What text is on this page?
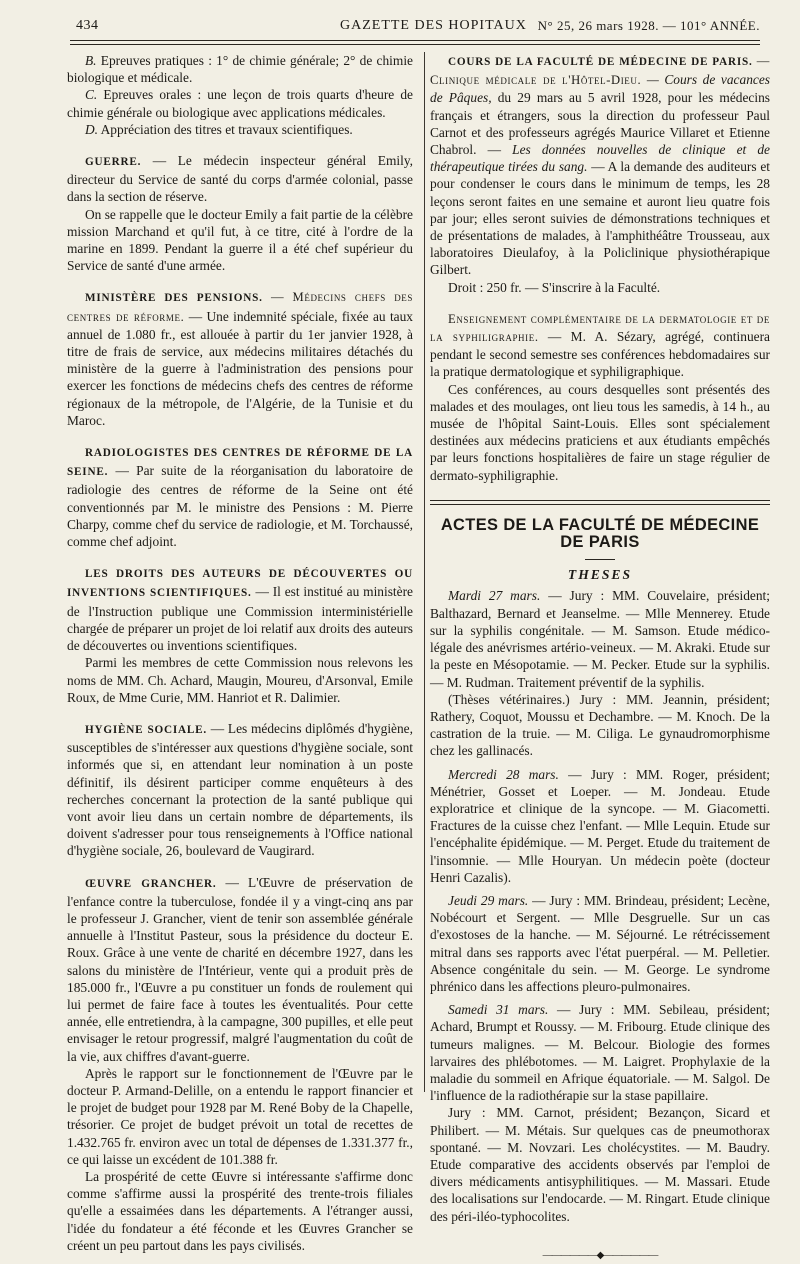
434	GAZETTE DES HOPITAUX N° 25, 26 mars 1928. — 101° ANNÉE.

B. Epreuves pratiques : 1° de chimie générale; 2° de chimie biologique et médicale.

C. Epreuves orales : une leçon de trois quarts d'heure de chimie générale ou biologique avec applications médicales.

D. Appréciation des titres et travaux scientifiques.

GUERRE. — Le médecin inspecteur général Emily, directeur du Service de santé du corps d'armée colonial, passe dans la section de réserve.

On se rappelle que le docteur Emily a fait partie de la célèbre mission Marchand et qu'il fut, à ce titre, cité à l'ordre de la marine en 1899. Pendant la guerre il a été chef supérieur du Service de santé d'une armée.

MINISTÈRE DES PENSIONS. — Médecins chefs des centres de réforme. — Une indemnité spéciale, fixée au taux annuel de 1.080 fr., est allouée à partir du 1er janvier 1928, à titre de frais de service, aux médecins militaires détachés du ministère de la guerre à l'administration des pensions pour exercer les fonctions de médecins chefs des centres de réforme régionaux de la métropole, de l'Algérie, de la Tunisie et du Maroc.

RADIOLOGISTES DES CENTRES DE RÉFORME DE LA SEINE. — Par suite de la réorganisation du laboratoire de radiologie des centres de réforme de la Seine ont été conventionnés par M. le ministre des Pensions : M. Pierre Charpy, comme chef du service de radiologie, et M. Torchaussé, comme chef adjoint.

LES DROITS DES AUTEURS DE DÉCOUVERTES OU INVENTIONS SCIENTIFIQUES. — Il est institué au ministère de l'Instruction publique une Commission interministérielle chargée de préparer un projet de loi relatif aux droits des auteurs de découvertes ou inventions scientifiques.

Parmi les membres de cette Commission nous relevons les noms de MM. Ch. Achard, Maugin, Moureu, d'Arsonval, Emile Roux, de Mme Curie, MM. Hanriot et R. Dalimier.

HYGIÈNE SOCIALE. — Les médecins diplômés d'hygiène, susceptibles de s'intéresser aux questions d'hygiène sociale, sont informés que si, en attendant leur nomination à un poste définitif, ils désirent participer comme enquêteurs à des recherches concernant la protection de la santé publique qui vont avoir lieu dans un certain nombre de départements, ils doivent s'adresser pour tous renseignements à l'Office national d'hygiène sociale, 26, boulevard de Vaugirard.

ŒUVRE GRANCHER. — L'Œuvre de préservation de l'enfance contre la tuberculose, fondée il y a vingt-cinq ans par le professeur J. Grancher, vient de tenir son assemblée générale annuelle à l'Institut Pasteur, sous la présidence du docteur E. Roux. Grâce à une vente de charité en décembre 1927, dans les salons du ministère de l'Intérieur, vente qui a produit près de 185.000 fr., l'Œuvre a pu constituer un fonds de roulement qui lui permet de faire face à toutes les éventualités. Pour cette année, elle entretiendra, à la campagne, 300 pupilles, et elle peut envisager le retour progressif, malgré l'augmentation du coût de la vie, aux chiffres d'avant-guerre.

Après le rapport sur le fonctionnement de l'Œuvre par le docteur P. Armand-Delille, on a entendu le rapport financier et le projet de budget pour 1928 par M. René Boby de la Chapelle, trésorier. Ce projet de budget prévoit un total de recettes de 1.432.765 fr. environ avec un total de dépenses de 1.331.377 fr., ce qui laisse un excédent de 101.388 fr.

La prospérité de cette Œuvre si intéressante s'affirme donc comme s'affirme aussi la prospérité des trente-trois filiales qu'elle a essaimées dans les départements. A l'étranger aussi, l'idée du fondateur a été féconde et les Œuvres Grancher se créent un peu partout dans les pays civilisés.

COURS DE LA FACULTÉ DE MÉDECINE DE PARIS. — Clinique médicale de l'Hôtel-Dieu. — Cours de vacances de Pâques, du 29 mars au 5 avril 1928, pour les médecins français et étrangers, sous la direction du professeur Paul Carnot et des professeurs agrégés Maurice Villaret et Etienne Chabrol. — Les données nouvelles de clinique et de thérapeutique tirées du sang. — A la demande des auditeurs et pour condenser le cours dans le minimum de temps, les 28 leçons seront faites en une semaine et auront lieu quatre fois par jour; elles seront suivies de démonstrations techniques et de présentations de malades, à l'amphithéâtre Trousseau, aux laboratoires Dieulafoy, à la Policlinique physiothérapique Gilbert.

Droit : 250 fr. — S'inscrire à la Faculté.

Enseignement complémentaire de la dermatologie et de la syphiligraphie. — M. A. Sézary, agrégé, continuera pendant le second semestre ses conférences hebdomadaires sur la pratique dermatologique et syphiligraphique.

Ces conférences, au cours desquelles sont présentés des malades et des moulages, ont lieu tous les samedis, à 14 h., au musée de l'hôpital Saint-Louis. Elles sont spécialement destinées aux médecins praticiens et aux étudiants empêchés par leurs fonctions hospitalières de faire un stage régulier de dermato-syphiligraphie.

ACTES DE LA FACULTÉ DE MÉDECINE DE PARIS

THESES

Mardi 27 mars. — Jury : MM. Couvelaire, président; Balthazard, Bernard et Jeanselme. — Mlle Mennerey. Etude sur la syphilis congénitale. — M. Samson. Etude médico-légale des anévrismes artério-veineux. — M. Akraki. Etude sur la peste en Mésopotamie. — M. Pecker. Etude sur la syphilis. — M. Rudman. Traitement préventif de la syphilis.

(Thèses vétérinaires.) Jury : MM. Jeannin, président; Rathery, Coquot, Moussu et Dechambre. — M. Knoch. De la castration de la truie. — M. Ciliga. Le gynaudromorphisme chez les gallinacés.

Mercredi 28 mars. — Jury : MM. Roger, président; Ménétrier, Gosset et Loeper. — M. Jondeau. Etude exploratrice et clinique de la syncope. — M. Giacometti. Fractures de la cuisse chez l'enfant. — Mlle Lequin. Etude sur l'encéphalite épidémique. — M. Perget. Etude du traitement de l'insomnie. — Mlle Houryan. Un médecin poète (docteur Henri Cazalis).

Jeudi 29 mars. — Jury : MM. Brindeau, président; Lecène, Nobécourt et Sergent. — Mlle Desgruelle. Sur un cas d'exostoses de la hanche. — M. Séjourné. Le rétrécissement mitral dans ses rapports avec l'état puerpéral. — M. Pelletier. Absence congénitale du sein. — M. George. Le syndrome phrénico dans les affections pleuro-pulmonaires.

Samedi 31 mars. — Jury : MM. Sebileau, président; Achard, Brumpt et Roussy. — M. Fribourg. Etude clinique des tumeurs malignes. — M. Belcour. Biologie des formes larvaires des phlébotomes. — M. Laigret. Prophylaxie de la maladie du sommeil en Afrique équatoriale. — M. Salgol. De l'influence de la radiothérapie sur la stase papillaire.

Jury : MM. Carnot, président; Bezançon, Sicard et Philibert. — M. Métais. Sur quelques cas de pneumothorax spontané. — M. Novzari. Les cholécystites. — M. Baudry. Etude comparative des accidents observés par l'emploi de divers médicaments antisyphilitiques. — M. Massari. Etude des localisations sur l'endocarde. — M. Ringart. Etude clinique des péri-iléo-typhocolites.

——————◆——————
